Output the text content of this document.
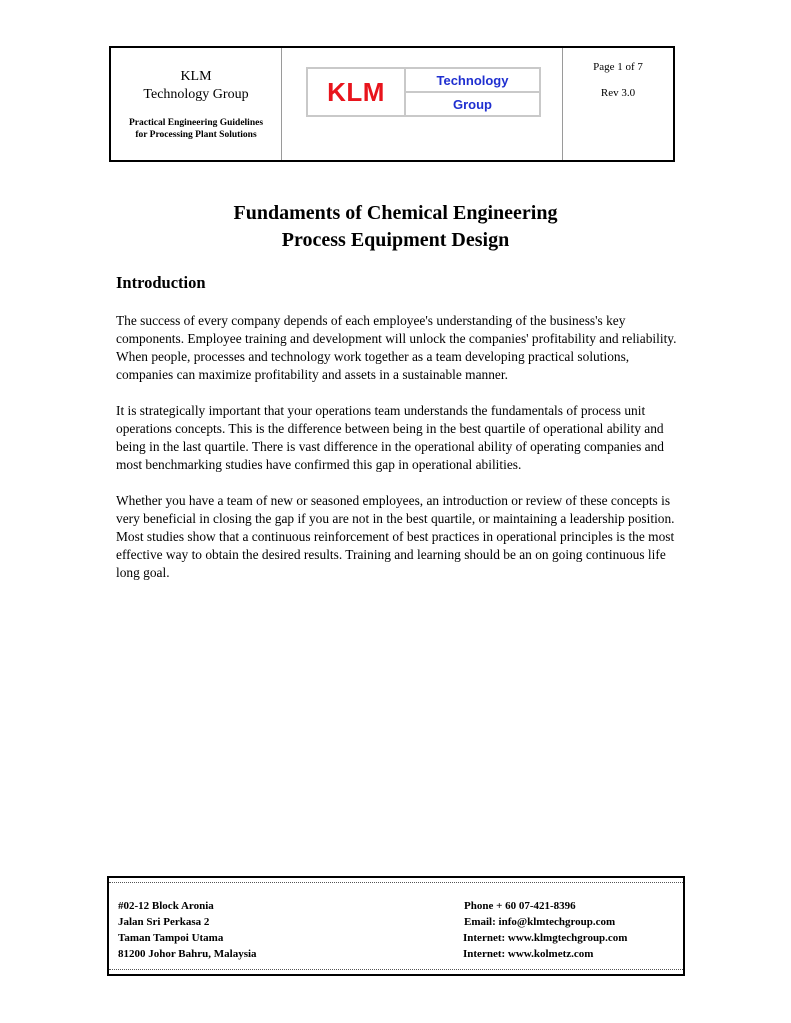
KLM
Technology Group
Practical Engineering Guidelines
for Processing Plant Solutions
KLM	Technology
Group
Page 1 of 7
Rev 3.0
Fundaments of Chemical Engineering
Process Equipment Design
Introduction

The success of every company depends of each employee's understanding of the business's key components. Employee training and development will unlock the companies' profitability and reliability. When people, processes and technology work together as a team developing practical solutions, companies can maximize profitability and assets in a sustainable manner.

It is strategically important that your operations team understands the fundamentals of process unit operations concepts. This is the difference between being in the best quartile of operational ability and being in the last quartile. There is vast difference in the operational ability of operating companies and most benchmarking studies have confirmed this gap in operational abilities.

Whether you have a team of new or seasoned employees, an introduction or review of these concepts is very beneficial in closing the gap if you are not in the best quartile, or maintaining a leadership position. Most studies show that a continuous reinforcement of best practices in operational principles is the most effective way to obtain the desired results. Training and learning should be an on going continuous life long goal.

#02-12 Block Aronia
Jalan Sri Perkasa 2
Taman Tampoi Utama
81200 Johor Bahru, Malaysia
Phone + 60 07-421-8396
Email: info@klmtechgroup.com
Internet: www.klmgtechgroup.com
Internet: www.kolmetz.com
